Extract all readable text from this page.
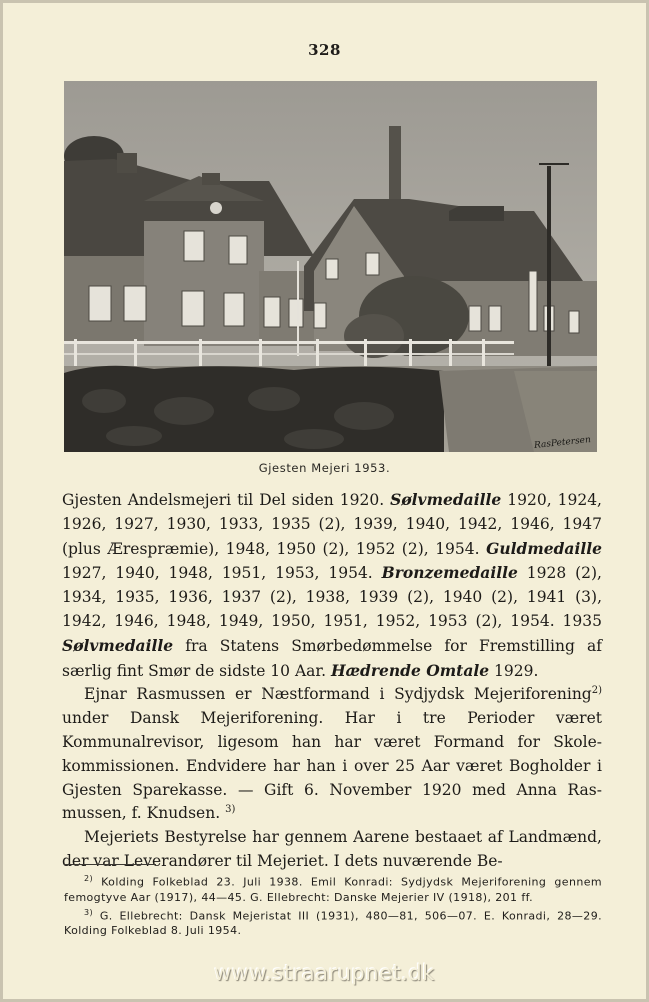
328
RasPetersen
Gjesten Mejeri 1953.

Gjesten Andelsmejeri til Del siden 1920. Sølvmedaille 1920, 1924, 1926, 1927, 1930, 1933, 1935 (2), 1939, 1940, 1942, 1946, 1947 (plus Ærespræmie), 1948, 1950 (2), 1952 (2), 1954. Guldmedaille 1927, 1940, 1948, 1951, 1953, 1954. Bronzemedaille 1928 (2), 1934, 1935, 1936, 1937 (2), 1938, 1939 (2), 1940 (2), 1941 (3), 1942, 1946, 1948, 1949, 1950, 1951, 1952, 1953 (2), 1954. 1935 Sølvmedaille fra Statens Smørbedømmelse for Fremstilling af særlig fint Smør de sidste 10 Aar. Hædrende Omtale 1929.

Ejnar Rasmussen er Næstformand i Sydjydsk Mejeriforening$^{2)}$ under Dansk Mejeriforening. Har i tre Perioder været Kommunalrevisor, ligesom han har været Formand for Skolekommissionen. Endvidere har han i over 25 Aar været Bogholder i Gjesten Sparekasse. — Gift 6. November 1920 med Anna Rasmussen, f. Knudsen. $^{3)}$

Mejeriets Bestyrelse har gennem Aarene bestaaet af Landmænd, der var Leverandører til Mejeriet. I dets nuværende Be-

$^{2)}$ Kolding Folkeblad 23. Juli 1938. Emil Konradi: Sydjydsk Mejeriforening gennem femogtyve Aar (1917), 44—45. G. Ellebrecht: Danske Mejerier IV (1918), 201 ff.

$^{3)}$ G. Ellebrecht: Dansk Mejeristat III (1931), 480—81, 506—07. E. Konradi, 28—29. Kolding Folkeblad 8. Juli 1954.

www.straarupnet.dk
